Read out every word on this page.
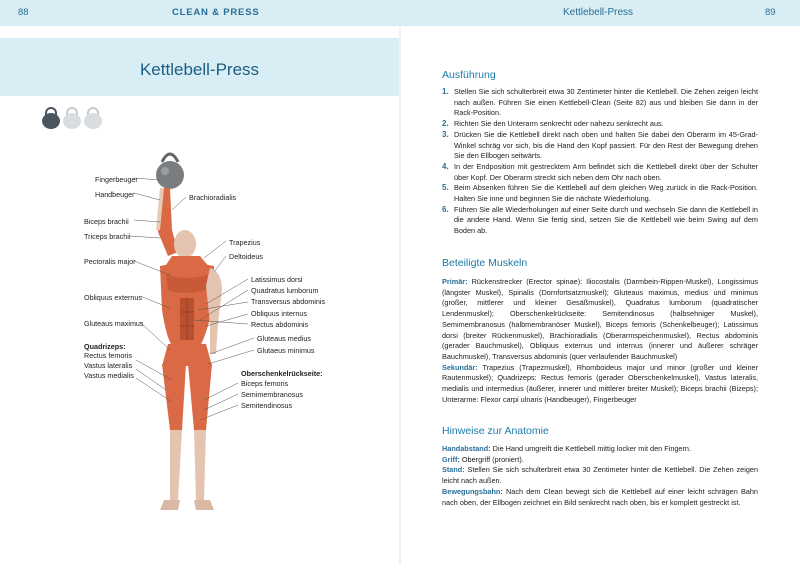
88	CLEAN & PRESS	Kettlebell-Press	89
Kettlebell-Press
Fingerbeuger
Handbeuger
Biceps brachii
Triceps brachii
Pectoralis major
Obliquus externus
Gluteaus maximus
Quadrizeps:
Rectus femoris
Vastus lateralis
Vastus medialis
Brachioradialis
Trapezius
Deltoideus
Latissimus dorsi
Quadratus lumborum
Transversus abdominis
Obliquus internus
Rectus abdominis
Gluteaus medius
Glutaeus minimus
Oberschenkelrückseite:
Biceps femoris
Semimembranosus
Semitendinosus
Ausführung
1. Stellen Sie sich schulterbreit etwa 30 Zentimeter hinter die Kettlebell. Die Zehen zeigen leicht nach außen. Führen Sie einen Kettlebell-Clean (Seite 82) aus und bleiben Sie dann in der Rack-Position.
2. Richten Sie den Unterarm senkrecht oder nahezu senkrecht aus.
3. Drücken Sie die Kettlebell direkt nach oben und halten Sie dabei den Oberarm im 45-Grad-Winkel schräg vor sich, bis die Hand den Kopf passiert. Für den Rest der Bewegung drehen Sie den Ellbogen seitwärts.
4. In der Endposition mit gestrecktem Arm befindet sich die Kettlebell direkt über der Schulter über Kopf. Der Oberarm streckt sich neben dem Ohr nach oben.
5. Beim Absenken führen Sie die Kettlebell auf dem gleichen Weg zurück in die Rack-Position. Halten Sie inne und beginnen Sie die nächste Wiederholung.
6. Führen Sie alle Wiederholungen auf einer Seite durch und wechseln Sie dann die Kettlebell in die andere Hand. Wenn Sie fertig sind, setzen Sie die Kettlebell wie beim Swing auf dem Boden ab.
Beteiligte Muskeln
Primär: Rückenstrecker (Erector spinae): Iliocostalis (Darmbein-Rippen-Muskel), Longissimus (längster Muskel), Spinalis (Dornfortsatzmuskel); Gluteaus maximus, medius und minimus (großer, mittlerer und kleiner Gesäßmuskel), Quadratus lumborum (quadratischer Lendenmuskel); Oberschenkelrückseite: Semitendinosus (halbsehniger Muskel), Semimembranosus (halbmembranöser Muskel), Biceps femoris (Schenkelbeuger); Latissimus dorsi (breiter Rückenmuskel), Brachioradialis (Oberarmspeichenmuskel), Rectus abdominis (gerader Bauchmuskel), Obliquus externus und internus (innerer und äußerer schräger Bauchmuskel), Transversus abdominis (quer verlaufender Bauchmuskel)
Sekundär: Trapezius (Trapezmuskel), Rhomboideus major und minor (großer und kleiner Rautenmuskel); Quadrizeps: Rectus femoris (gerader Oberschenkelmuskel), Vastus lateralis, medialis und intermedius (äußerer, innerer und mittlerer breiter Muskel); Biceps brachii (Bizeps); Unterarme: Flexor carpi ulnaris (Handbeuger), Fingerbeuger
Hinweise zur Anatomie
Handabstand: Die Hand umgreift die Kettlebell mittig locker mit den Fingern.
Griff: Obergriff (proniert).
Stand: Stellen Sie sich schulterbreit etwa 30 Zentimeter hinter die Kettlebell. Die Zehen zeigen leicht nach außen.
Bewegungsbahn: Nach dem Clean bewegt sich die Kettlebell auf einer leicht schrägen Bahn nach oben, der Ellbogen zeichnet ein Bild senkrecht nach oben, bis er komplett gestreckt ist.
